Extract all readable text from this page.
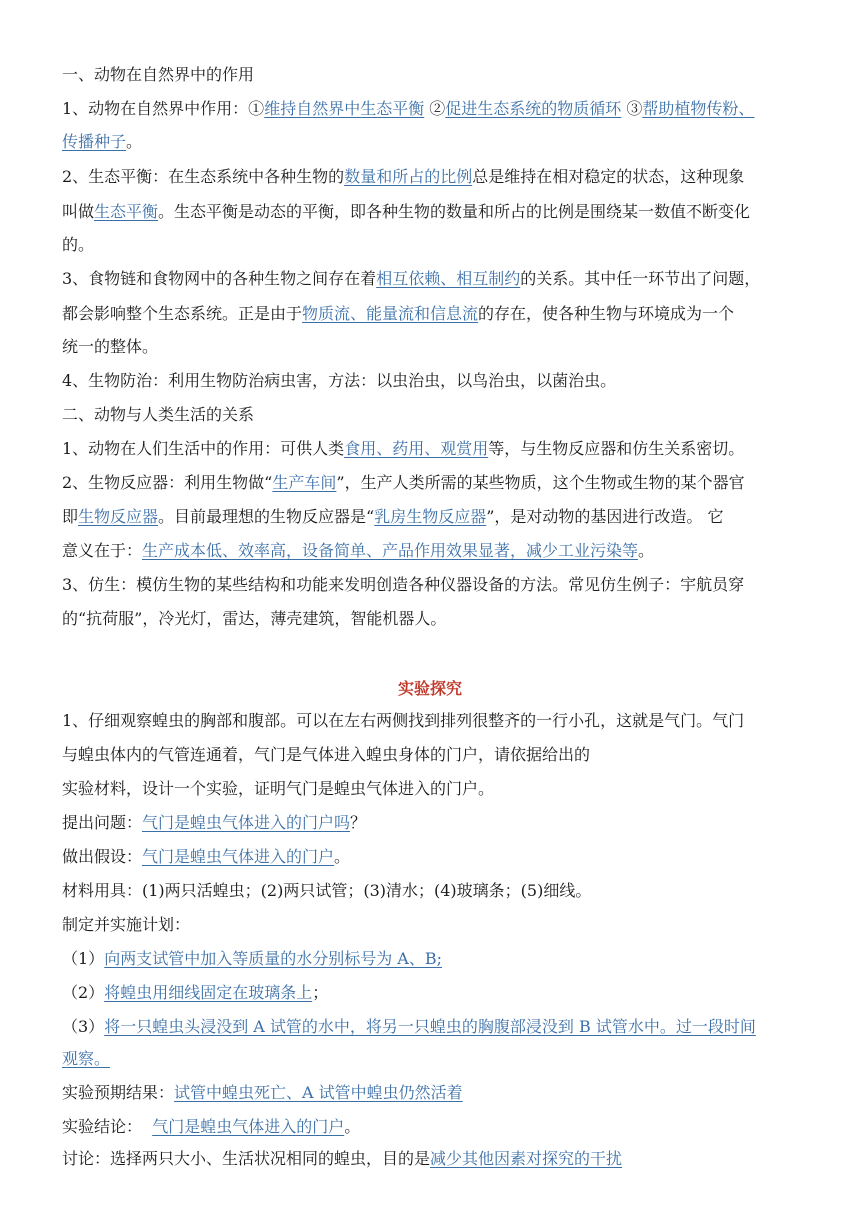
一、动物在自然界中的作用
1、动物在自然界中作用：①维持自然界中生态平衡 ②促进生态系统的物质循环 ③帮助植物传粉、
传播种子。
2、生态平衡：在生态系统中各种生物的数量和所占的比例总是维持在相对稳定的状态，这种现象
叫做生态平衡。生态平衡是动态的平衡，即各种生物的数量和所占的比例是围绕某一数值不断变化
的。
3、食物链和食物网中的各种生物之间存在着相互依赖、相互制约的关系。其中任一环节出了问题，
都会影响整个生态系统。正是由于物质流、能量流和信息流的存在，使各种生物与环境成为一个
统一的整体。
4、生物防治：利用生物防治病虫害，方法：以虫治虫，以鸟治虫，以菌治虫。
二、动物与人类生活的关系
1、动物在人们生活中的作用：可供人类食用、药用、观赏用等，与生物反应器和仿生关系密切。
2、生物反应器：利用生物做“生产车间”，生产人类所需的某些物质，这个生物或生物的某个器官
即生物反应器。目前最理想的生物反应器是“乳房生物反应器”，是对动物的基因进行改造。 它
意义在于：生产成本低、效率高，设备简单、产品作用效果显著，减少工业污染等。
3、仿生：模仿生物的某些结构和功能来发明创造各种仪器设备的方法。常见仿生例子：宇航员穿
的“抗荷服”，冷光灯，雷达，薄壳建筑，智能机器人。
实验探究
1、仔细观察蝗虫的胸部和腹部。可以在左右两侧找到排列很整齐的一行小孔，这就是气门。气门
与蝗虫体内的气管连通着，气门是气体进入蝗虫身体的门户，请依据给出的
实验材料，设计一个实验，证明气门是蝗虫气体进入的门户。
提出问题：气门是蝗虫气体进入的门户吗？
做出假设：气门是蝗虫气体进入的门户。
材料用具：(1)两只活蝗虫；(2)两只试管；(3)清水；(4)玻璃条；(5)细线。
制定并实施计划：
（1）向两支试管中加入等质量的水分别标号为 A、B;
（2）将蝗虫用细线固定在玻璃条上；
（3）将一只蝗虫头浸没到 A 试管的水中，将另一只蝗虫的胸腹部浸没到 B 试管水中。过一段时间
观察。
实验预期结果：试管中蝗虫死亡、A 试管中蝗虫仍然活着
实验结论：  气门是蝗虫气体进入的门户。
讨论：选择两只大小、生活状况相同的蝗虫，目的是减少其他因素对探究的干扰
